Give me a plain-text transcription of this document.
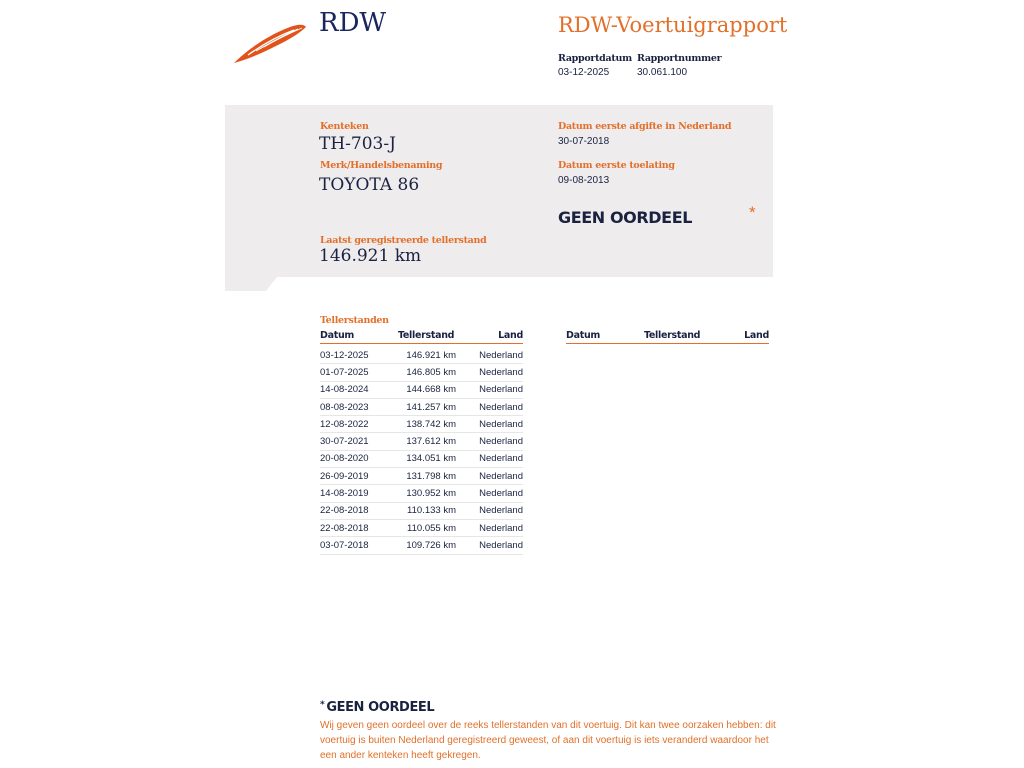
RDW	RDW-Voertuigrapport
Rapportdatum
03-12-2025
Rapportnummer
30.061.100
Kenteken
TH-703-J
Merk/Handelsbenaming
TOYOTA 86
Datum eerste afgifte in Nederland
30-07-2018
Datum eerste toelating
09-08-2013
GEEN OORDEEL	*
Laatst geregistreerde tellerstand
146.921 km
Tellerstanden
Datum	Tellerstand	Land
03-12-2025	146.921 km	Nederland
01-07-2025	146.805 km	Nederland
14-08-2024	144.668 km	Nederland
08-08-2023	141.257 km	Nederland
12-08-2022	138.742 km	Nederland
30-07-2021	137.612 km	Nederland
20-08-2020	134.051 km	Nederland
26-09-2019	131.798 km	Nederland
14-08-2019	130.952 km	Nederland
22-08-2018	110.133 km	Nederland
22-08-2018	110.055 km	Nederland
03-07-2018	109.726 km	Nederland
Datum	Tellerstand	Land
* GEEN OORDEEL
Wij geven geen oordeel over de reeks tellerstanden van dit voertuig. Dit kan twee oorzaken hebben: dit voertuig is buiten Nederland geregistreerd geweest, of aan dit voertuig is iets veranderd waardoor het een ander kenteken heeft gekregen.
